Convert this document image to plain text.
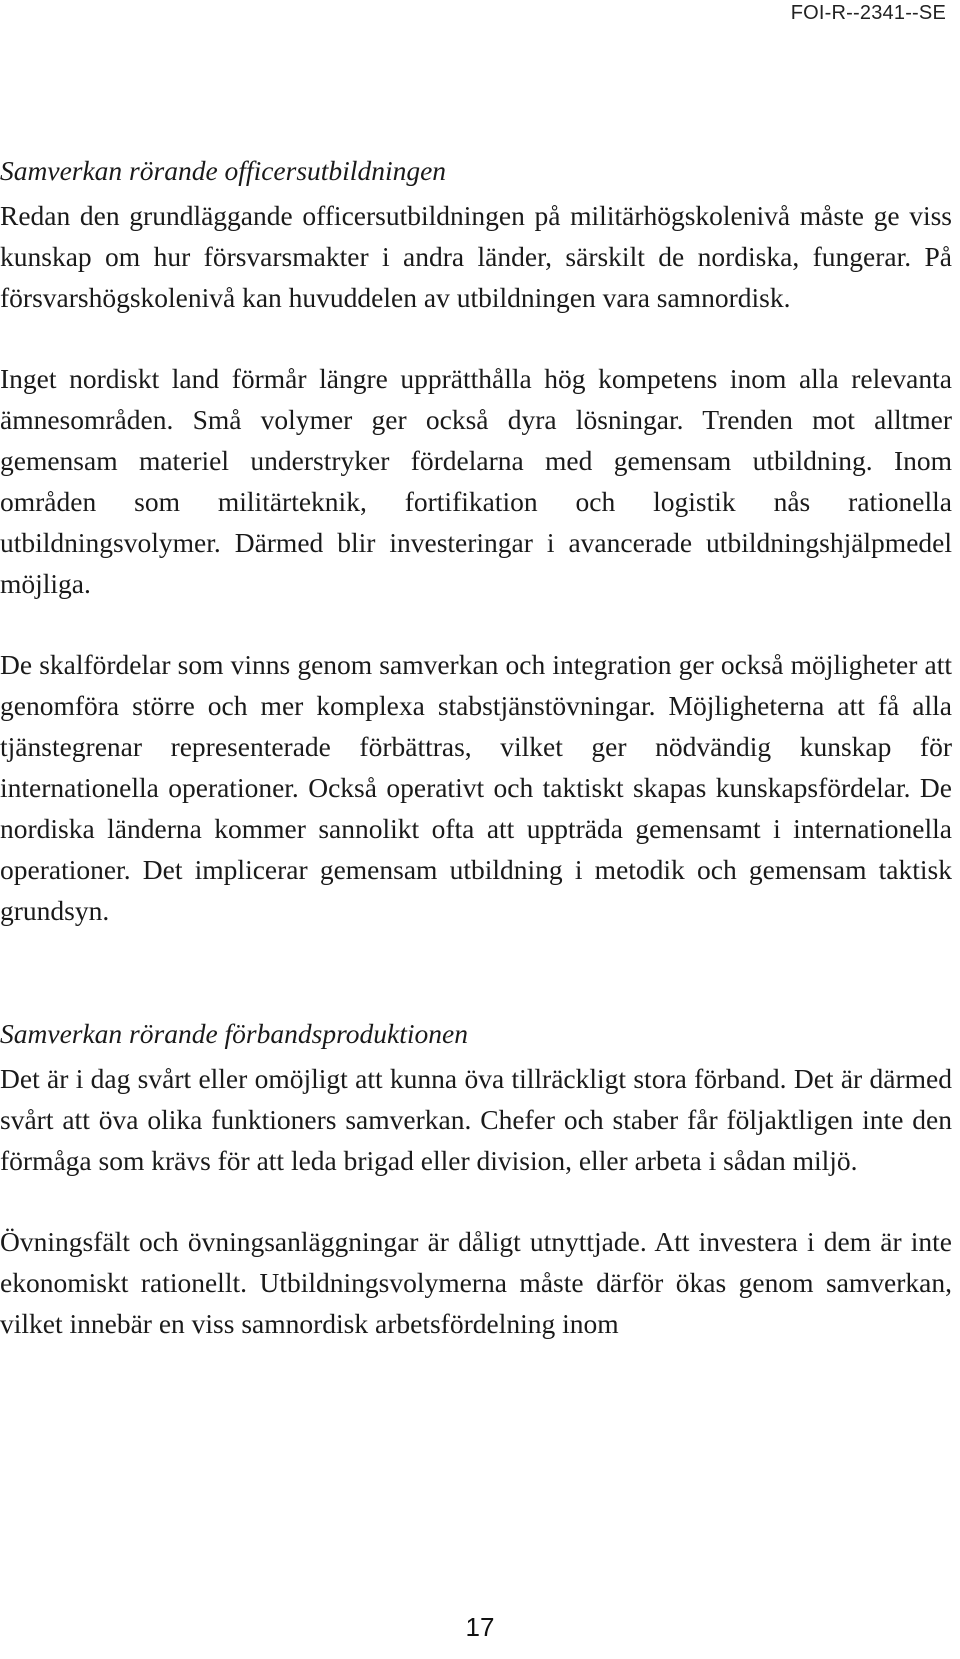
FOI-R--2341--SE
Samverkan rörande officersutbildningen

Redan den grundläggande officersutbildningen på militärhögskolenivå måste ge viss kunskap om hur försvarsmakter i andra länder, särskilt de nordiska, fungerar. På försvarshögskolenivå kan huvuddelen av utbildningen vara samnordisk.

Inget nordiskt land förmår längre upprätthålla hög kompetens inom alla relevanta ämnesområden. Små volymer ger också dyra lösningar. Trenden mot alltmer gemensam materiel understryker fördelarna med gemensam utbildning. Inom områden som militärteknik, fortifikation och logistik nås rationella utbildningsvolymer. Därmed blir investeringar i avancerade utbildningshjälpmedel möjliga.

De skalfördelar som vinns genom samverkan och integration ger också möjligheter att genomföra större och mer komplexa stabstjänstövningar. Möjligheterna att få alla tjänstegrenar representerade förbättras, vilket ger nödvändig kunskap för internationella operationer. Också operativt och taktiskt skapas kunskapsfördelar. De nordiska länderna kommer sannolikt ofta att uppträda gemensamt i internationella operationer. Det implicerar gemensam utbildning i metodik och gemensam taktisk grundsyn.

Samverkan rörande förbandsproduktionen

Det är i dag svårt eller omöjligt att kunna öva tillräckligt stora förband. Det är därmed svårt att öva olika funktioners samverkan. Chefer och staber får följaktligen inte den förmåga som krävs för att leda brigad eller division, eller arbeta i sådan miljö.

Övningsfält och övningsanläggningar är dåligt utnyttjade. Att investera i dem är inte ekonomiskt rationellt. Utbildningsvolymerna måste därför ökas genom samverkan, vilket innebär en viss samnordisk arbetsfördelning inom

17
